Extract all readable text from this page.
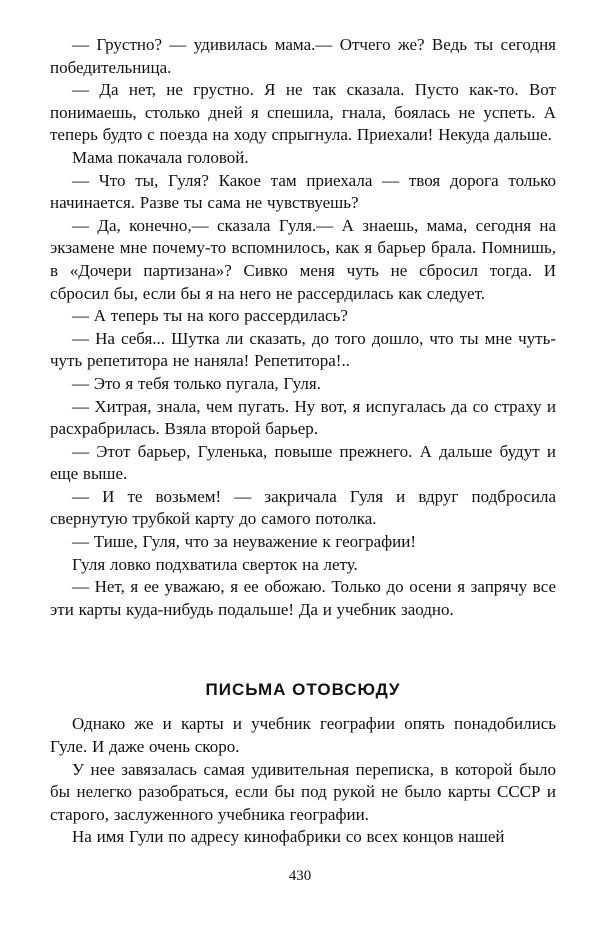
— Грустно? — удивилась мама.— Отчего же? Ведь ты сегодня победительница.

— Да нет, не грустно. Я не так сказала. Пусто как-то. Вот понимаешь, столько дней я спешила, гнала, боялась не успеть. А теперь будто с поезда на ходу спрыгнула. Приехали! Некуда дальше.

Мама покачала головой.

— Что ты, Гуля? Какое там приехала — твоя дорога только начинается. Разве ты сама не чувствуешь?

— Да, конечно,— сказала Гуля.— А знаешь, мама, сегодня на экзамене мне почему-то вспомнилось, как я барьер брала. Помнишь, в «Дочери партизана»? Сивко меня чуть не сбросил тогда. И сбросил бы, если бы я на него не рассердилась как следует.

— А теперь ты на кого рассердилась?

— На себя... Шутка ли сказать, до того дошло, что ты мне чуть-чуть репетитора не наняла! Репетитора!..

— Это я тебя только пугала, Гуля.

— Хитрая, знала, чем пугать. Ну вот, я испугалась да со страху и расхрабрилась. Взяла второй барьер.

— Этот барьер, Гуленька, повыше прежнего. А дальше будут и еще выше.

— И те возьмем! — закричала Гуля и вдруг подбросила свернутую трубкой карту до самого потолка.

— Тише, Гуля, что за неуважение к географии!

Гуля ловко подхватила сверток на лету.

— Нет, я ее уважаю, я ее обожаю. Только до осени я запрячу все эти карты куда-нибудь подальше! Да и учебник заодно.

ПИСЬМА ОТОВСЮДУ

Однако же и карты и учебник географии опять понадобились Гуле. И даже очень скоро.

У нее завязалась самая удивительная переписка, в которой было бы нелегко разобраться, если бы под рукой не было карты СССР и старого, заслуженного учебника географии.

На имя Гули по адресу кинофабрики со всех концов нашей

430
